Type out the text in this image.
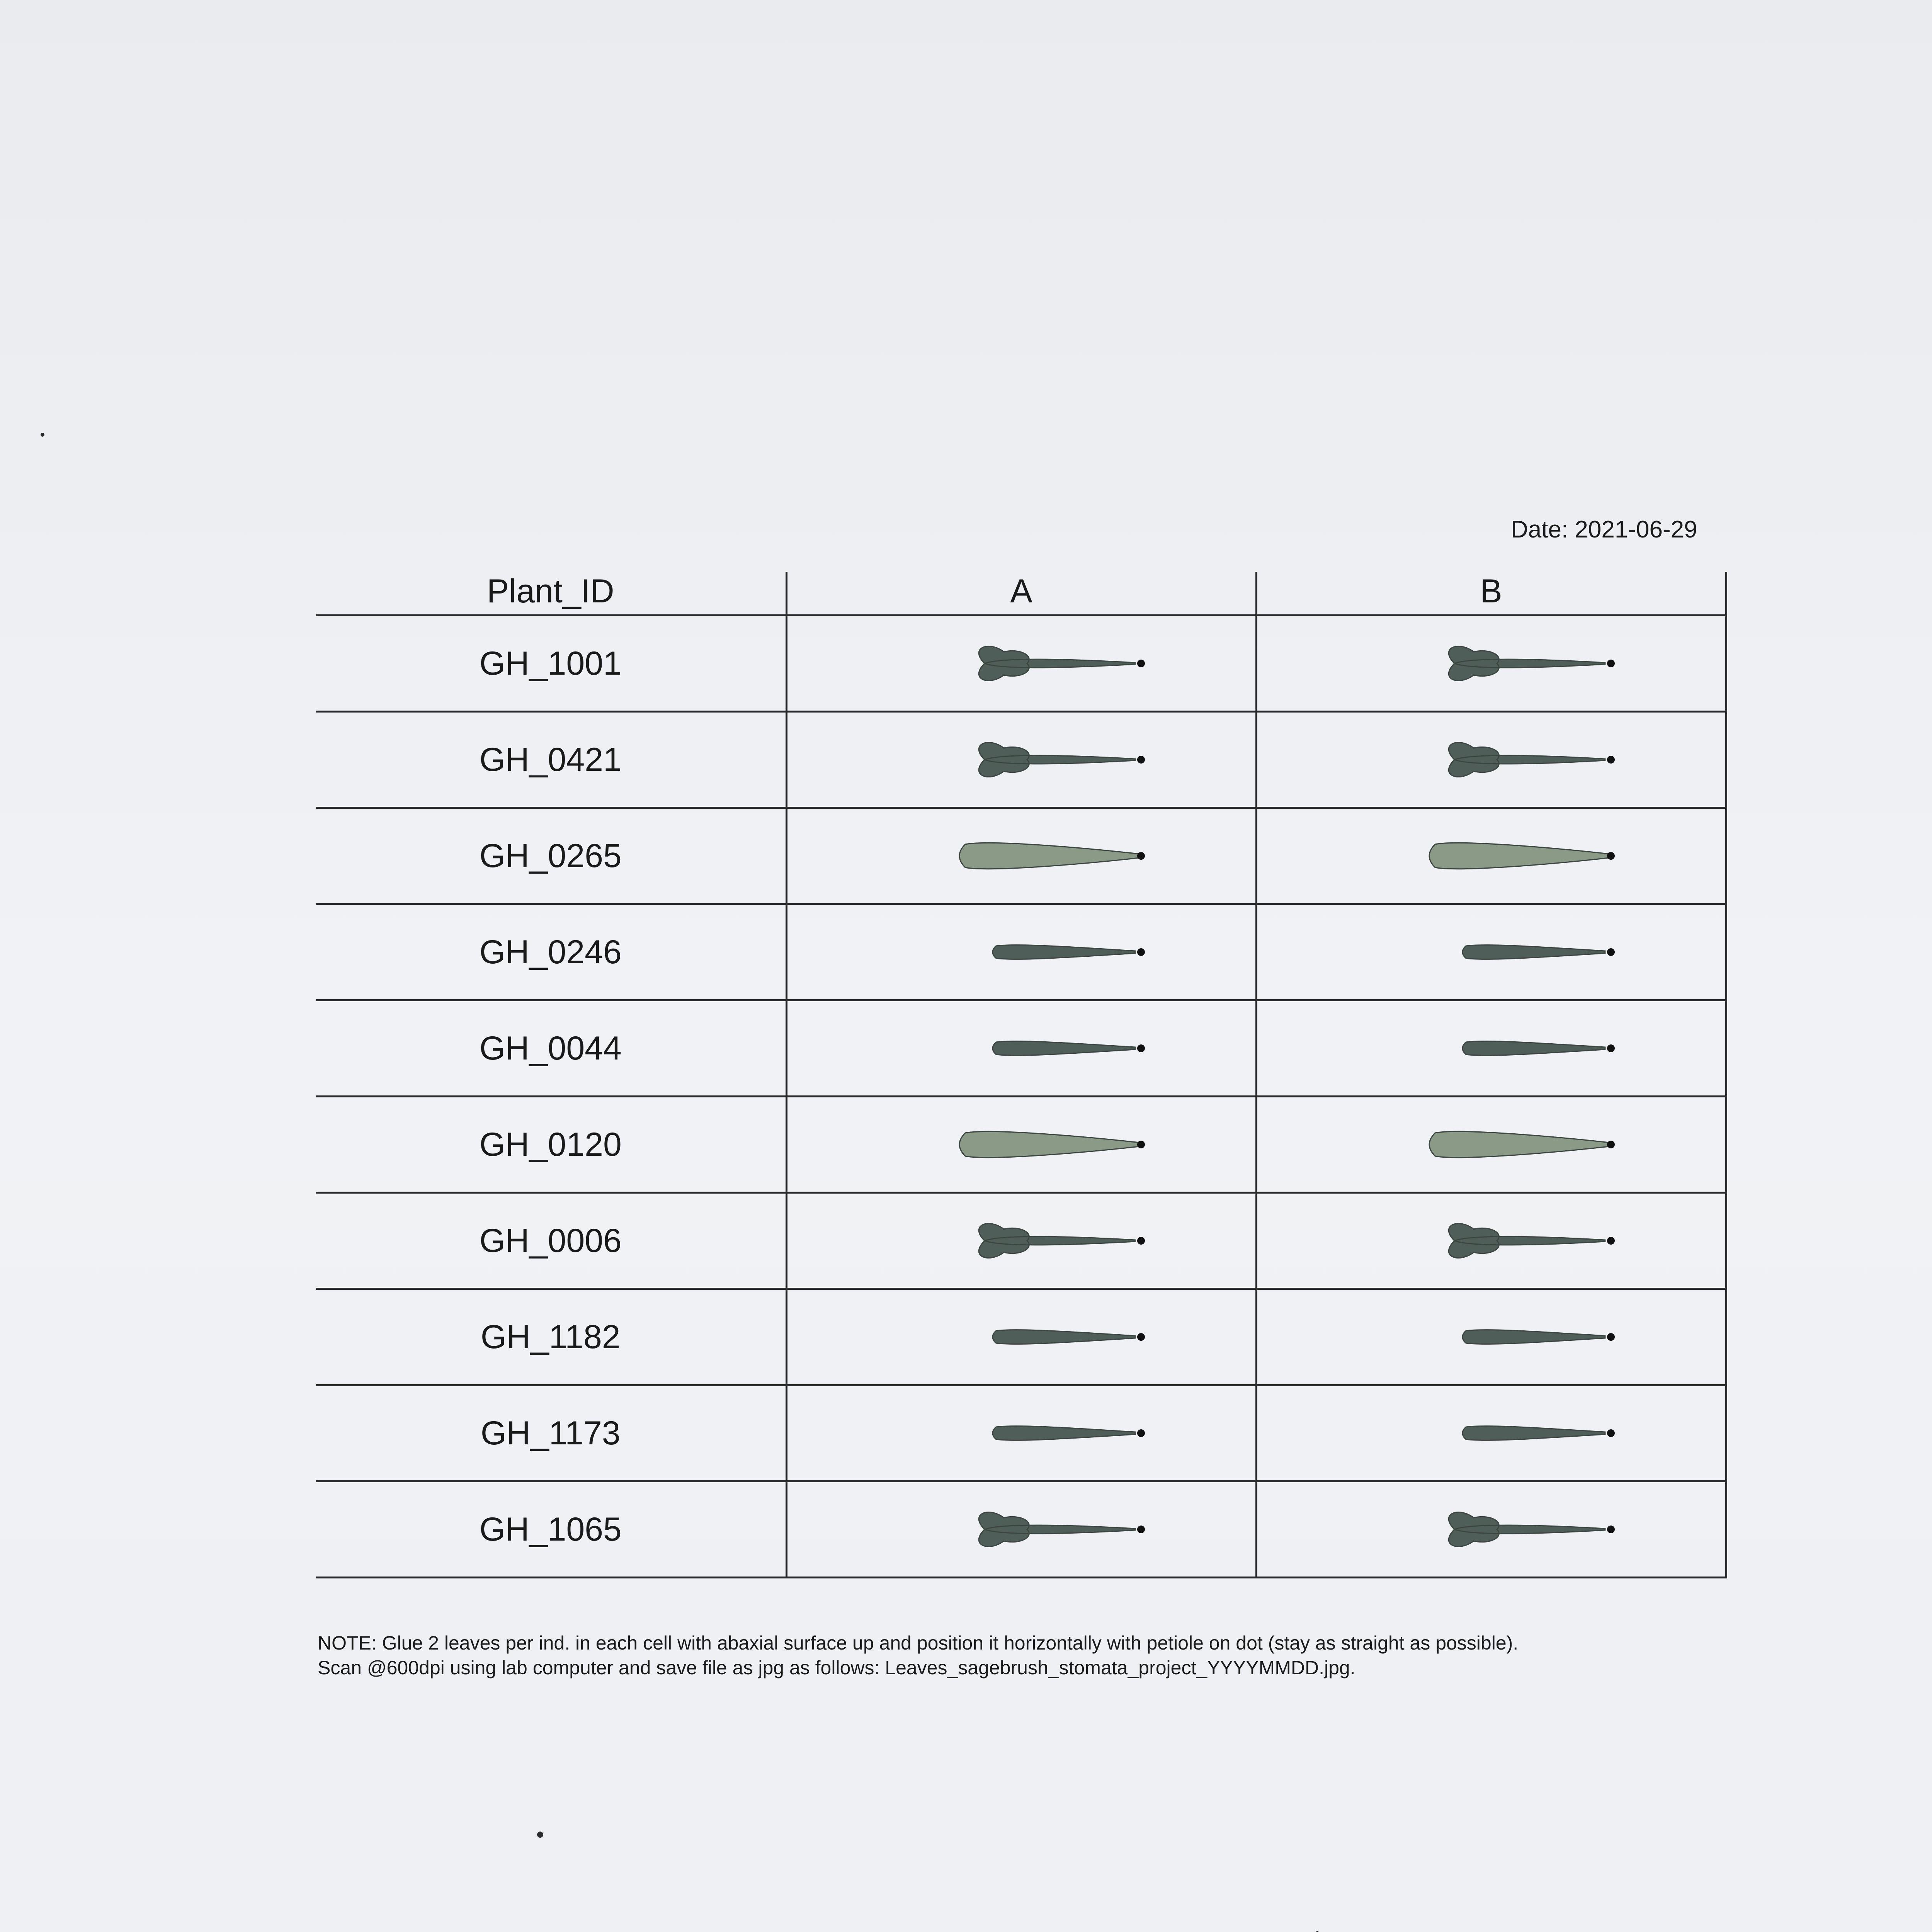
Date: 2021-06-29
Plant_ID	A	B
GH_1001	

GH_0421	

GH_0265	

GH_0246	

GH_0044	

GH_0120	

GH_0006	

GH_1182	

GH_1173	

GH_1065	

NOTE: Glue 2 leaves per ind. in each cell with abaxial surface up and position it horizontally with petiole on dot (stay as straight as possible).
Scan @600dpi using lab computer and save file as jpg as follows: Leaves_sagebrush_stomata_project_YYYYMMDD.jpg.
